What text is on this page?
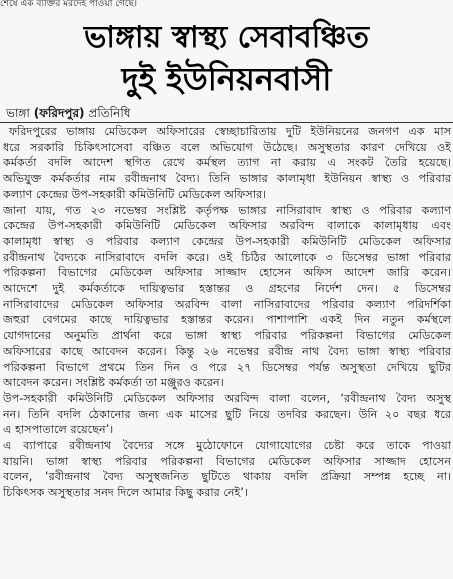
শেষে এক ব্যক্তির মরদেহ পাওয়া গেছে।
ভাঙ্গায় স্বাস্থ্য সেবাবঞ্চিত
দুই ইউনিয়নবাসী
ভাঙ্গা (ফরিদপুর) প্রতিনিধি
ফরিদপুরের ভাঙ্গায় মেডিকেল অফিসারের স্বেচ্ছাচারিতায় দুটি ইউনিয়নের জনগণ এক মাস
ধরে সরকারি চিকিৎসাসেবা বঞ্চিত বলে অভিযোগ উঠেছে। অসুস্থতার কারণ দেখিয়ে ওই
কর্মকর্তা বদলি আদেশ স্থগিত রেখে কর্মস্থল ত্যাগ না করায় এ সংকট তৈরি হয়েছে।
অভিযুক্ত কর্মকর্তার নাম রবীন্দ্রনাথ বৈদ্য। তিনি ভাঙ্গার কালামৃধা ইউনিয়ন স্বাস্থ্য ও পরিবার
কল্যাণ কেন্দ্রের উপ-সহকারী কমিউনিটি মেডিকেল অফিসার।
জানা যায়, গত ২৩ নভেম্বর সংশ্লিষ্ট কর্তৃপক্ষ ভাঙ্গার নাসিরাবাদ স্বাস্থ্য ও পরিবার কল্যাণ
কেন্দ্রের উপ-সহকারী কমিউনিটি মেডিকেল অফিসার অরবিন্দ বালাকে কালামৃধায় এবং
কালামৃধা স্বাস্থ্য ও পরিবার কল্যাণ কেন্দ্রের উপ-সহকারী কমিউনিটি মেডিকেল অফিসার
রবীন্দ্রনাথ বৈদ্যকে নাসিরাবাদে বদলি করে। ওই চিঠির আলোকে ৩ ডিসেম্বর ভাঙ্গা পরিবার
পরিকল্পনা বিভাগের মেডিকেল অফিসার সাজ্জাদ হোসেন অফিস আদেশ জারি করেন।
আদেশে দুই কর্মকর্তাকে দায়িত্বভার হস্তান্তর ও গ্রহণের নির্দেশ দেন। ৫ ডিসেম্বর
নাসিরাবাদের মেডিকেল অফিসার অরবিন্দ বালা নাসিরাবাদের পরিবার কল্যাণ পরিদর্শিকা
জহুরা বেগমের কাছে দায়িত্বভার হস্তান্তর করেন। পাশাপাশি একই দিন নতুন কর্মস্থলে
যোগদানের অনুমতি প্রার্থনা করে ভাঙ্গা স্বাস্থ্য পরিবার পরিকল্পনা বিভাগের মেডিকেল
অফিসারের কাছে আবেদন করেন। কিন্তু ২৬ নভেম্বর রবীন্দ্র নাথ বৈদ্য ভাঙ্গা স্বাস্থ্য পরিবার
পরিকল্পনা বিভাগে প্রথমে তিন দিন ও পরে ২৭ ডিসেম্বর পর্যন্ত অসুস্থতা দেখিয়ে ছুটির
আবেদন করেন। সংশ্লিষ্ট কর্মকর্তা তা মঞ্জুরও করেন।
উপ-সহকারী কমিউনিটি মেডিকেল অফিসার অরবিন্দ বালা বলেন, ‘রবীন্দ্রনাথ বৈদ্য অসুস্থ
নন। তিনি বদলি ঠেকানোর জন্য এক মাসের ছুটি নিয়ে তদবির করছেন। উনি ২০ বছর ধরে
এ হাসপাতালে রয়েছেন’।
এ ব্যাপারে রবীন্দ্রনাথ বৈদ্যের সঙ্গে মুঠোফোনে যোগাযোগের চেষ্টা করে তাকে পাওয়া
যায়নি। ভাঙ্গা স্বাস্থ্য পরিবার পরিকল্পনা বিভাগের মেডিকেল অফিসার সাজ্জাদ হোসেন
বলেন, ‘রবীন্দ্রনাথ বৈদ্য অসুস্থজনিত ছুটিতে থাকায় বদলি প্রক্রিয়া সম্পন্ন হচ্ছে না।
চিকিৎসক অসুস্থতার সনদ দিলে আমার কিছু করার নেই’।
